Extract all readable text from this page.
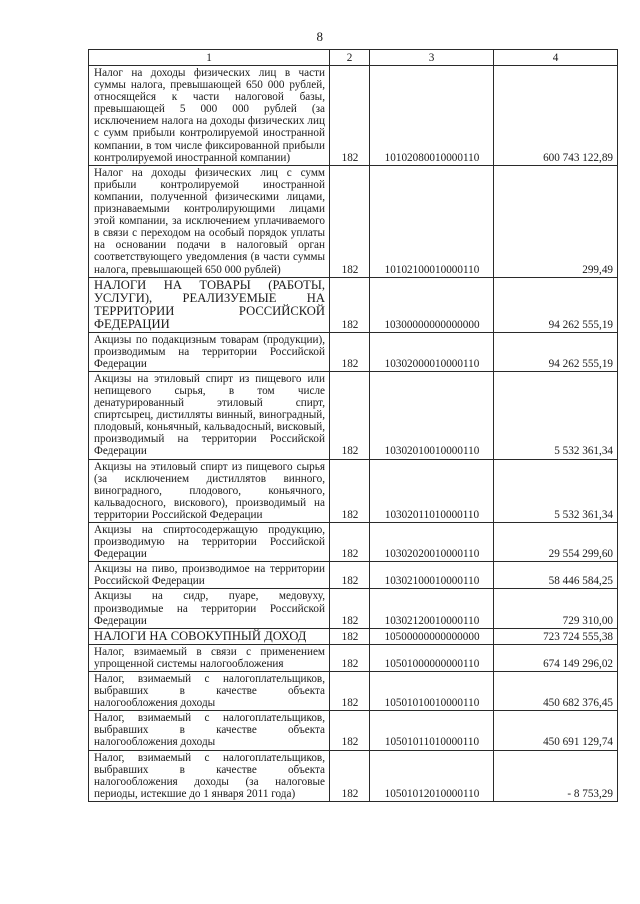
8
1	2	3	4
Налог на доходы физических лиц в части суммы налога, превышающей 650 000 рублей, относящейся к части налоговой базы, превышающей 5 000 000 рублей (за исключением налога на доходы физических лиц с сумм прибыли контролируемой иностранной компании, в том числе фиксированной прибыли контролируемой иностранной компании)	182	10102080010000110	600 743 122,89
Налог на доходы физических лиц с сумм прибыли контролируемой иностранной компании, полученной физическими лицами, признаваемыми контролирующими лицами этой компании, за исключением уплачиваемого в связи с переходом на особый порядок уплаты на основании подачи в налоговый орган соответствующего уведомления (в части суммы налога, превышающей 650 000 рублей)	182	10102100010000110	299,49
НАЛОГИ НА ТОВАРЫ (РАБОТЫ, УСЛУГИ), РЕАЛИЗУЕМЫЕ НА ТЕРРИТОРИИ РОССИЙСКОЙ ФЕДЕРАЦИИ	182	10300000000000000	94 262 555,19
Акцизы по подакцизным товарам (продукции), производимым на территории Российской Федерации	182	10302000010000110	94 262 555,19
Акцизы на этиловый спирт из пищевого или непищевого сырья, в том числе денатурированный этиловый спирт, спиртсырец, дистилляты винный, виноградный, плодовый, коньячный, кальвадосный, висковый, производимый на территории Российской Федерации	182	10302010010000110	5 532 361,34
Акцизы на этиловый спирт из пищевого сырья (за исключением дистиллятов винного, виноградного, плодового, коньячного, кальвадосного, вискового), производимый на территории Российской Федерации	182	10302011010000110	5 532 361,34
Акцизы на спиртосодержащую продукцию, производимую на территории Российской Федерации	182	10302020010000110	29 554 299,60
Акцизы на пиво, производимое на территории Российской Федерации	182	10302100010000110	58 446 584,25
Акцизы на сидр, пуаре, медовуху, производимые на территории Российской Федерации	182	10302120010000110	729 310,00
НАЛОГИ НА СОВОКУПНЫЙ ДОХОД	182	10500000000000000	723 724 555,38
Налог, взимаемый в связи с применением упрощенной системы налогообложения	182	10501000000000110	674 149 296,02
Налог, взимаемый с налогоплательщиков, выбравших в качестве объекта налогообложения доходы	182	10501010010000110	450 682 376,45
Налог, взимаемый с налогоплательщиков, выбравших в качестве объекта налогообложения доходы	182	10501011010000110	450 691 129,74
Налог, взимаемый с налогоплательщиков, выбравших в качестве объекта налогообложения доходы (за налоговые периоды, истекшие до 1 января 2011 года)	182	10501012010000110	- 8 753,29
